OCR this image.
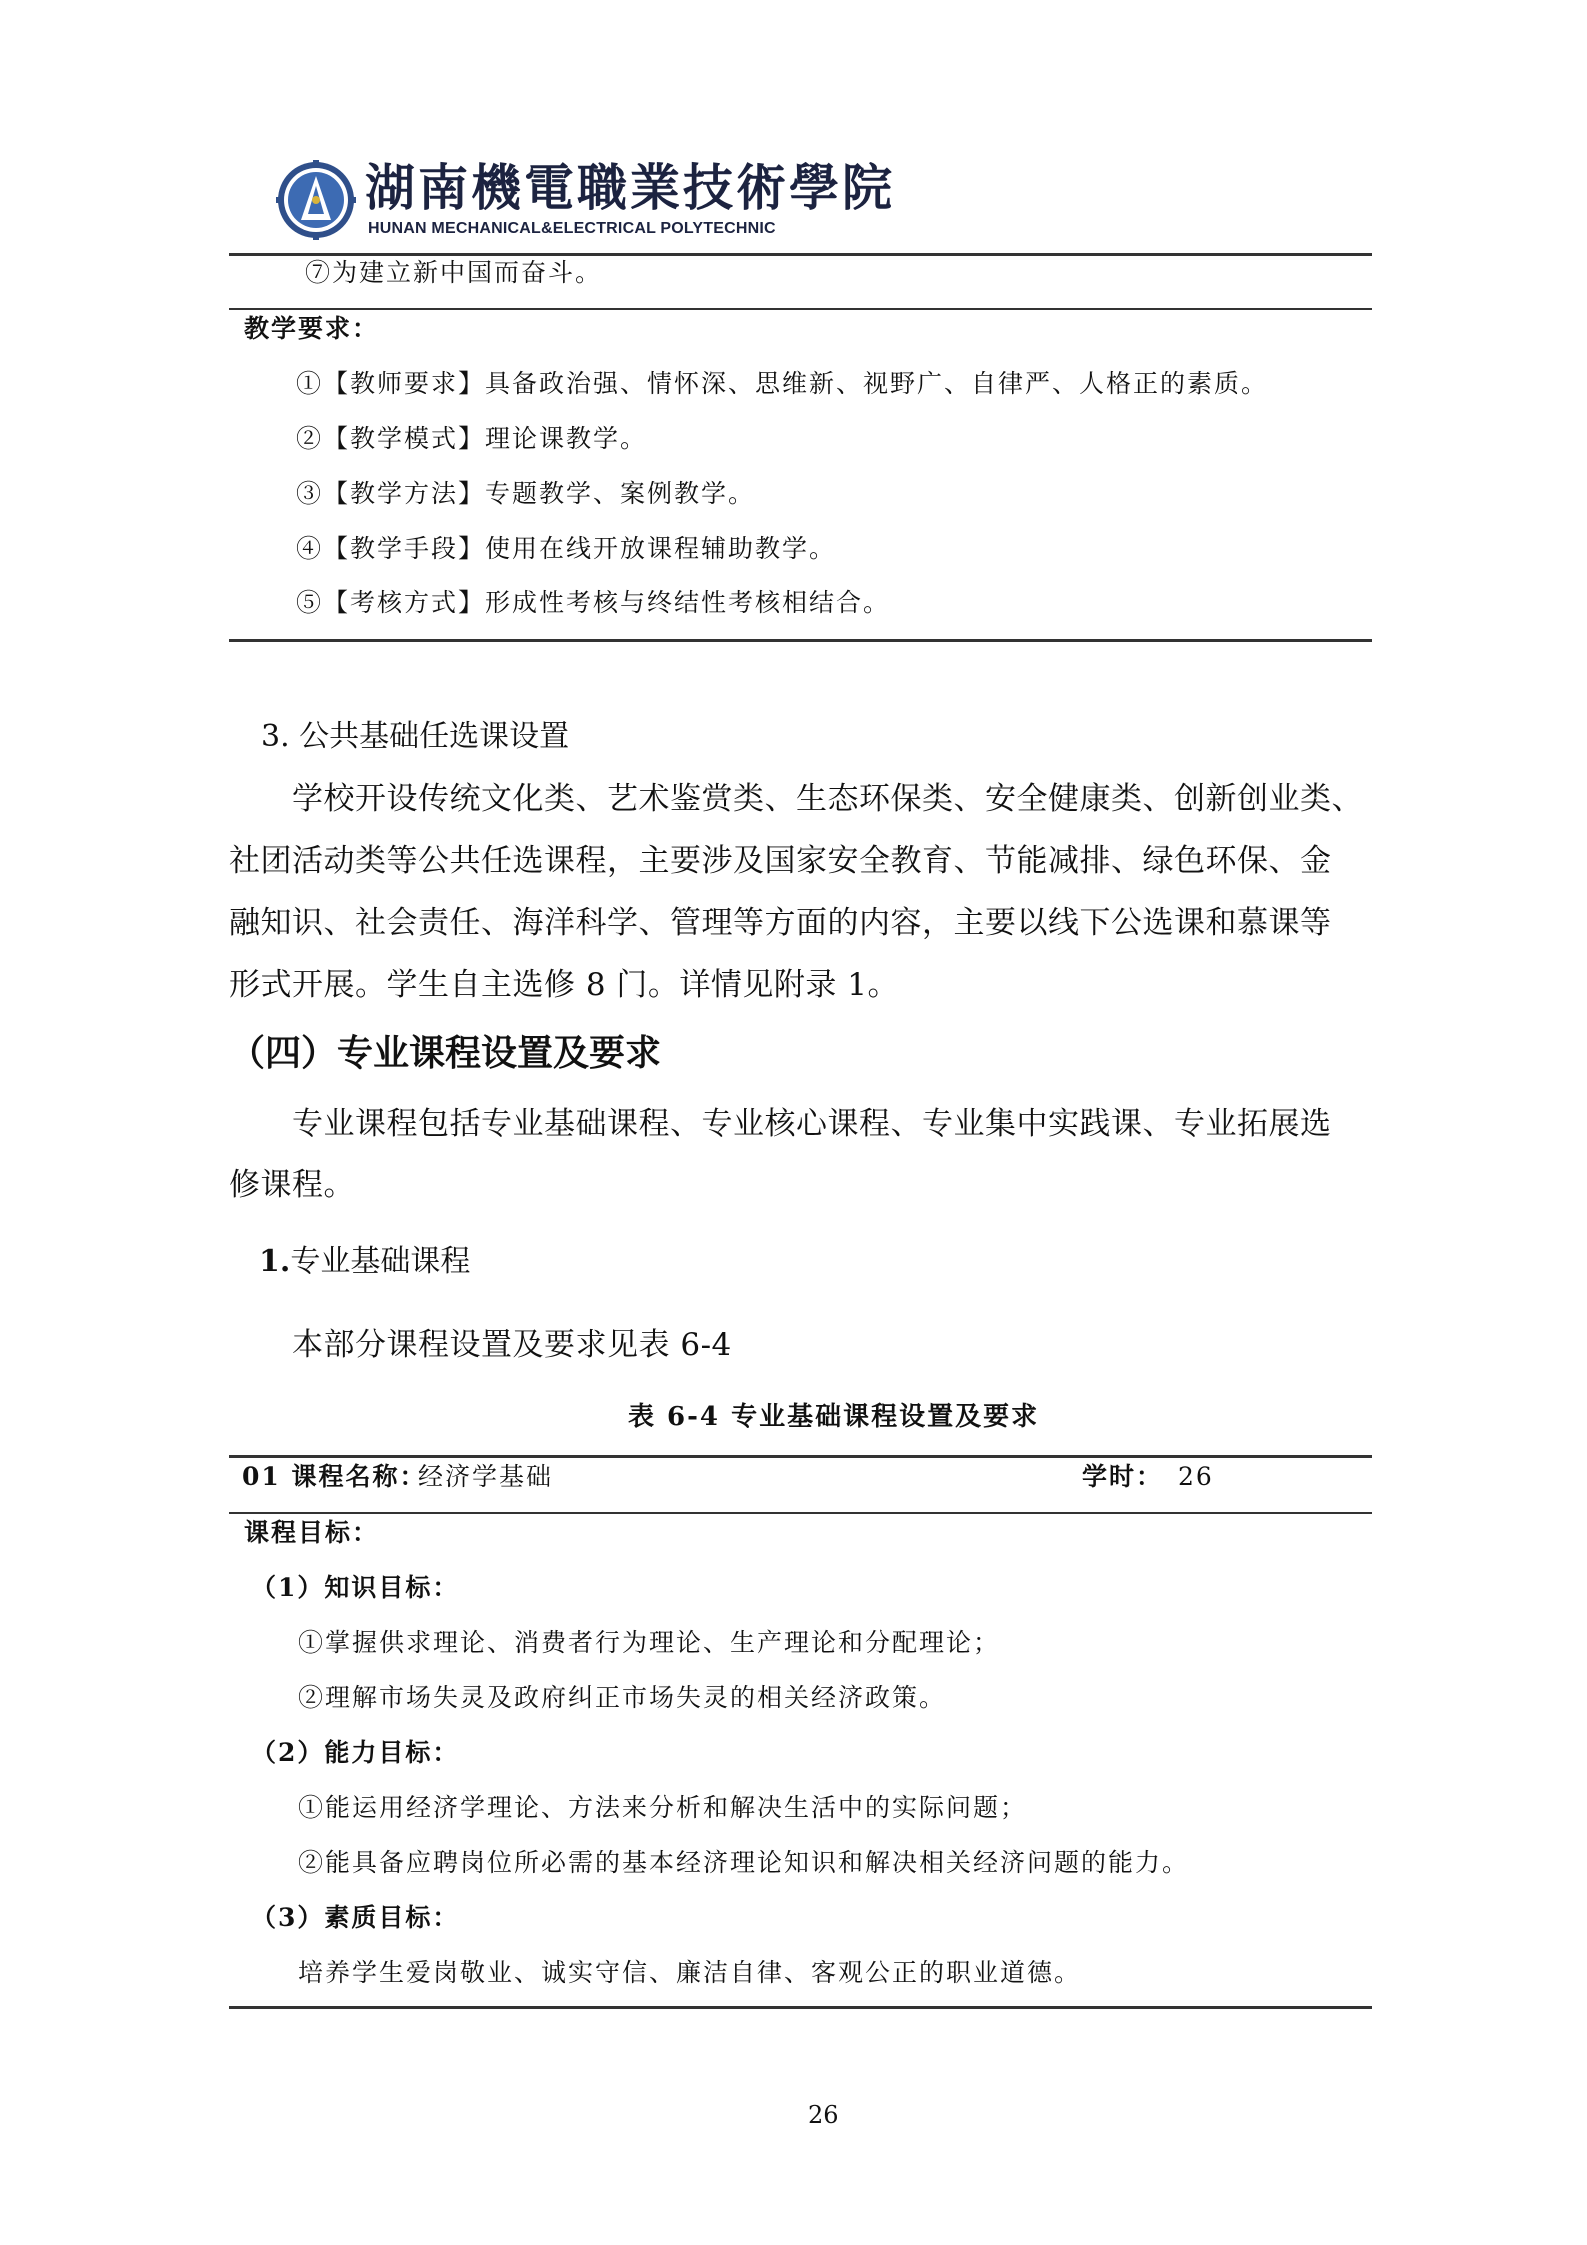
湖南機電職業技術學院
HUNAN MECHANICAL&ELECTRICAL POLYTECHNIC
⑦为建立新中国而奋斗。
教学要求：
①【教师要求】具备政治强、情怀深、思维新、视野广、自律严、人格正的素质。
②【教学模式】理论课教学。
③【教学方法】专题教学、案例教学。
④【教学手段】使用在线开放课程辅助教学。
⑤【考核方式】形成性考核与终结性考核相结合。
3. 公共基础任选课设置
学校开设传统文化类、艺术鉴赏类、生态环保类、安全健康类、创新创业类、
社团活动类等公共任选课程，主要涉及国家安全教育、节能减排、绿色环保、金
融知识、社会责任、海洋科学、管理等方面的内容，主要以线下公选课和慕课等
形式开展。学生自主选修 8 门。详情见附录 1。
（四）专业课程设置及要求
专业课程包括专业基础课程、专业核心课程、专业集中实践课、专业拓展选
修课程。
1.专业基础课程
本部分课程设置及要求见表 6-4
表 6-4 专业基础课程设置及要求
01 课程名称：
经济学基础	学时： 26
课程目标：
（1）知识目标：
①掌握供求理论、消费者行为理论、生产理论和分配理论；
②理解市场失灵及政府纠正市场失灵的相关经济政策。
（2）能力目标：
①能运用经济学理论、方法来分析和解决生活中的实际问题；
②能具备应聘岗位所必需的基本经济理论知识和解决相关经济问题的能力。
（3）素质目标：
培养学生爱岗敬业、诚实守信、廉洁自律、客观公正的职业道德。
26
